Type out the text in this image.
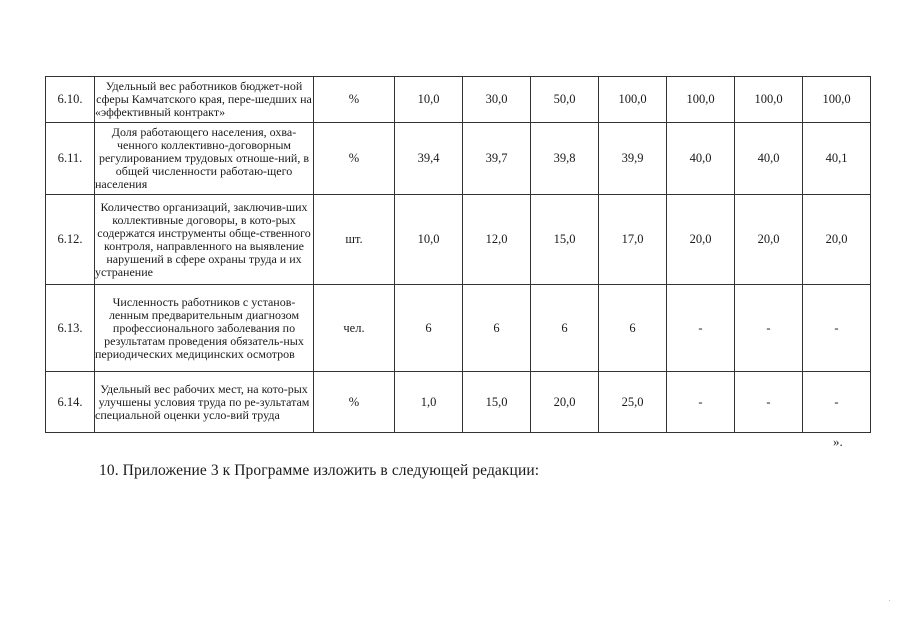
6.10.	Удельный вес работников бюджет-ной сферы Камчатского края, пере-шедших на «эффективный контракт»	%	10,0	30,0	50,0	100,0	100,0	100,0	100,0
6.11.	Доля работающего населения, охва-ченного коллективно-договорным регулированием трудовых отноше-ний, в общей численности работаю-щего населения	%	39,4	39,7	39,8	39,9	40,0	40,0	40,1
6.12.	Количество организаций, заключив-ших коллективные договоры, в кото-рых содержатся инструменты обще-ственного контроля, направленного на выявление нарушений в сфере охраны труда и их устранение	шт.	10,0	12,0	15,0	17,0	20,0	20,0	20,0
6.13.	Численность работников с установ-ленным предварительным диагнозом профессионального заболевания по результатам проведения обязатель-ных периодических медицинских осмотров	чел.	6	6	6	6	-	-	-
6.14.	Удельный вес рабочих мест, на кото-рых улучшены условия труда по ре-зультатам специальной оценки усло-вий труда	%	1,0	15,0	20,0	25,0	-	-	-
».
10. Приложение 3 к Программе изложить в следующей редакции:
